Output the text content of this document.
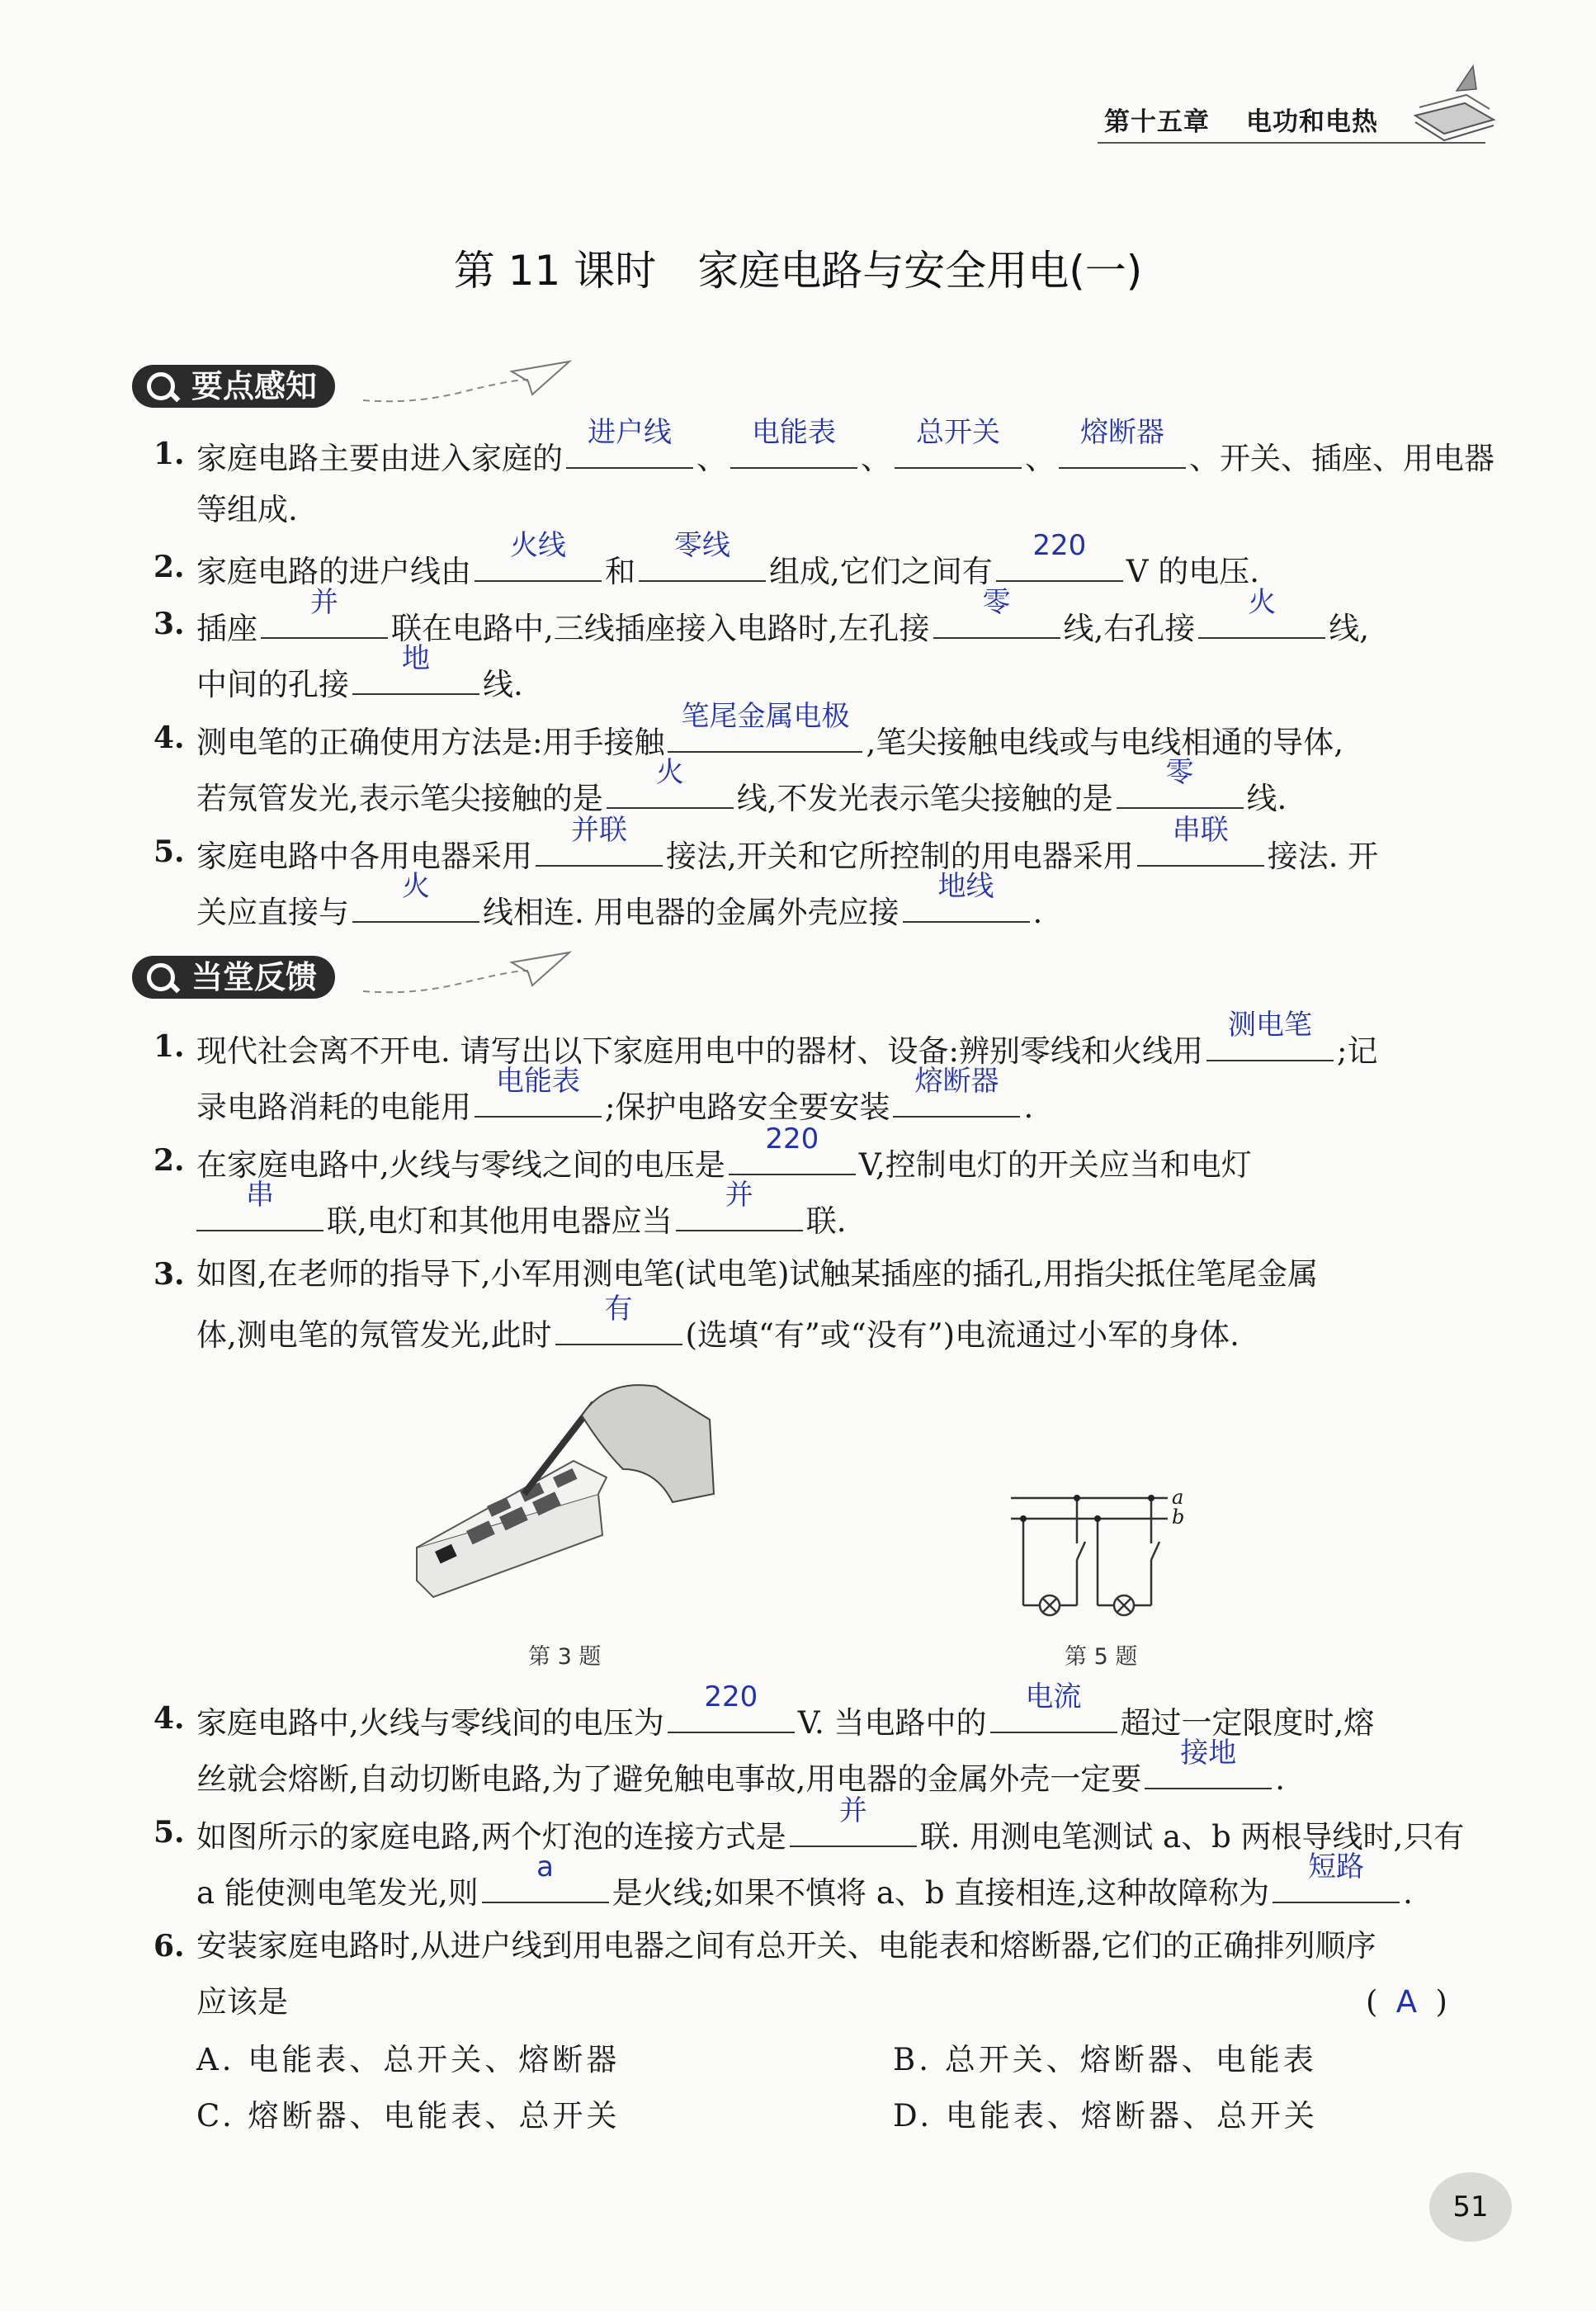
第十五章 电功和电热
第 11 课时　家庭电路与安全用电(一)
要点感知
1. 家庭电路主要由进入家庭的
进户线
、
电能表
、
总开关
、
熔断器
、开关、插座、用电器
等组成.
2. 家庭电路的进户线由
火线
和
零线
组成,它们之间有
220
V 的电压.
3. 插座
并
联在电路中,三线插座接入电路时,左孔接
零
线,右孔接
火
线,
中间的孔接
地
线.
4. 测电笔的正确使用方法是:用手接触
笔尾金属电极
,笔尖接触电线或与电线相通的导体,
若氖管发光,表示笔尖接触的是
火
线,不发光表示笔尖接触的是
零
线.
5. 家庭电路中各用电器采用
并联
接法,开关和它所控制的用电器采用
串联
接法. 开
关应直接与
火
线相连. 用电器的金属外壳应接
地线
.
当堂反馈
1. 现代社会离不开电. 请写出以下家庭用电中的器材、设备:辨别零线和火线用
测电笔
;记
录电路消耗的电能用
电能表
;保护电路安全要安装
熔断器
.
2. 在家庭电路中,火线与零线之间的电压是
220
V,控制电灯的开关应当和电灯
串
联,电灯和其他用电器应当
并
联.
3. 如图,在老师的指导下,小军用测电笔(试电笔)试触某插座的插孔,用指尖抵住笔尾金属
体,测电笔的氖管发光,此时
有
(选填“有”或“没有”)电流通过小军的身体.
第 3 题
a
b
第 5 题
4. 家庭电路中,火线与零线间的电压为
220
V. 当电路中的
电流
超过一定限度时,熔
丝就会熔断,自动切断电路,为了避免触电事故,用电器的金属外壳一定要
接地
.
5. 如图所示的家庭电路,两个灯泡的连接方式是
并
联. 用测电笔测试 a、b 两根导线时,只有
a 能使测电笔发光,则
a
是火线;如果不慎将 a、b 直接相连,这种故障称为
短路
.
6. 安装家庭电路时,从进户线到用电器之间有总开关、电能表和熔断器,它们的正确排列顺序
应该是	( A )
A. 电能表、总开关、熔断器	B. 总开关、熔断器、电能表
C. 熔断器、电能表、总开关	D. 电能表、熔断器、总开关
51
